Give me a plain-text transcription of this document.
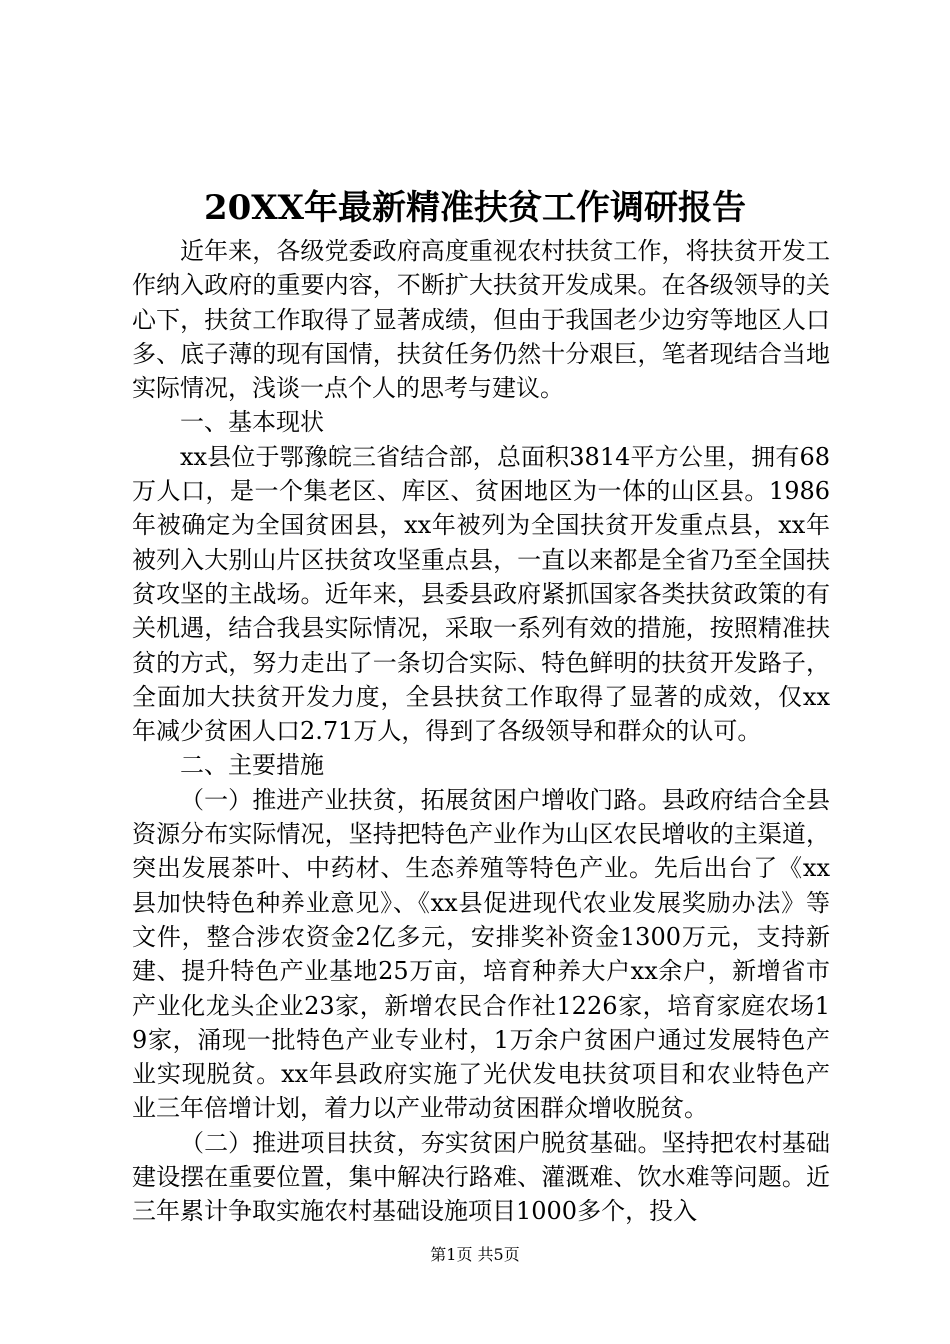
20XX年最新精准扶贫工作调研报告

近年来，各级党委政府高度重视农村扶贫工作，将扶贫开发工作纳入政府的重要内容，不断扩大扶贫开发成果。在各级领导的关心下，扶贫工作取得了显著成绩，但由于我国老少边穷等地区人口多、底子薄的现有国情，扶贫任务仍然十分艰巨，笔者现结合当地实际情况，浅谈一点个人的思考与建议。

一、基本现状

xx县位于鄂豫皖三省结合部，总面积3814平方公里，拥有68万人口，是一个集老区、库区、贫困地区为一体的山区县。1986年被确定为全国贫困县，xx年被列为全国扶贫开发重点县，xx年被列入大别山片区扶贫攻坚重点县，一直以来都是全省乃至全国扶贫攻坚的主战场。近年来，县委县政府紧抓国家各类扶贫政策的有关机遇，结合我县实际情况，采取一系列有效的措施，按照精准扶贫的方式，努力走出了一条切合实际、特色鲜明的扶贫开发路子，全面加大扶贫开发力度，全县扶贫工作取得了显著的成效，仅xx年减少贫困人口2.71万人，得到了各级领导和群众的认可。

二、主要措施

（一）推进产业扶贫，拓展贫困户增收门路。县政府结合全县资源分布实际情况，坚持把特色产业作为山区农民增收的主渠道，突出发展茶叶、中药材、生态养殖等特色产业。先后出台了《xx县加快特色种养业意见》、《xx县促进现代农业发展奖励办法》等文件，整合涉农资金2亿多元，安排奖补资金1300万元，支持新建、提升特色产业基地25万亩，培育种养大户xx余户，新增省市产业化龙头企业23家，新增农民合作社1226家，培育家庭农场19家，涌现一批特色产业专业村，1万余户贫困户通过发展特色产业实现脱贫。xx年县政府实施了光伏发电扶贫项目和农业特色产业三年倍增计划，着力以产业带动贫困群众增收脱贫。

（二）推进项目扶贫，夯实贫困户脱贫基础。坚持把农村基础建设摆在重要位置，集中解决行路难、灌溉难、饮水难等问题。近三年累计争取实施农村基础设施项目1000多个，投入

第1页 共5页
